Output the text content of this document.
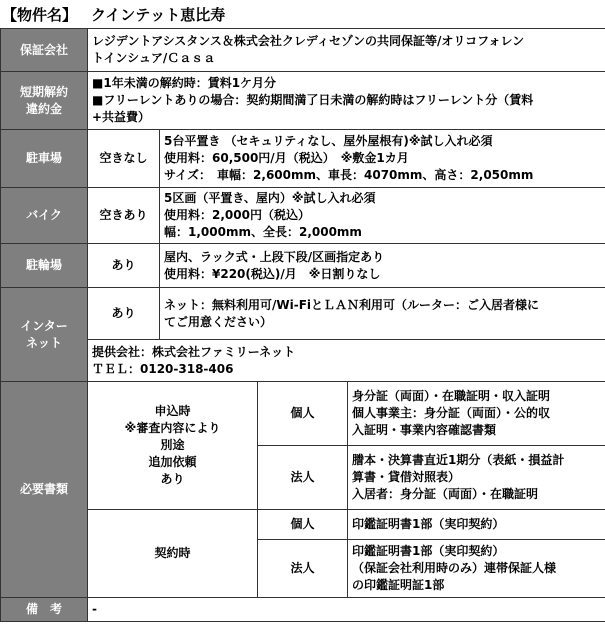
【物件名】 クインテット恵比寿
保証会社	レジデントアシスタンス＆株式会社クレディセゾンの共同保証等/オリコフォレン
トインシュア/Ｃａｓａ			

短期解約
違約金	■1年未満の解約時：賃料1ケ月分
■フリーレントありの場合：契約期間満了日未満の解約時はフリーレント分（賃料
+共益費）			

駐車場	空きなし	5台平置き （セキュリティなし、屋外屋根有)※試し入れ必須
使用料：60,500円/月（税込）　※敷金1カ月
サイズ：　車幅：2,600mm、車長：4070mm、高さ：2,050mm		

バイク	空きあり	5区画（平置き、屋内）※試し入れ必須
使用料：2,000円（税込）
幅：1,000mm、全長：2,000mm		

駐輪場	あり	屋内、ラック式・上段下段/区画指定あり
使用料：¥220(税込)/月　※日割りなし		

インター
ネット	あり	ネット：無料利用可/Wi-FiとＬＡＮ利用可（ルーター：ご入居者様に
てご用意ください）		

	提供会社：株式会社ファミリーネット
ＴＥＬ：0120-318-406			

必要書類	申込時
※審査内容により
別途
追加依頼
あり		個人	身分証（両面）・在職証明・収入証明
個人事業主：身分証（両面）・公的収
入証明・事業内容確認書類

			法人	謄本・決算書直近1期分（表紙・損益計
算書・貸借対照表）
入居者：身分証（両面）・在職証明

	契約時		個人	印鑑証明書1部（実印契約）

			法人	印鑑証明書1部（実印契約）
（保証会社利用時のみ）連帯保証人様
の印鑑証明証1部

備　考	-			
